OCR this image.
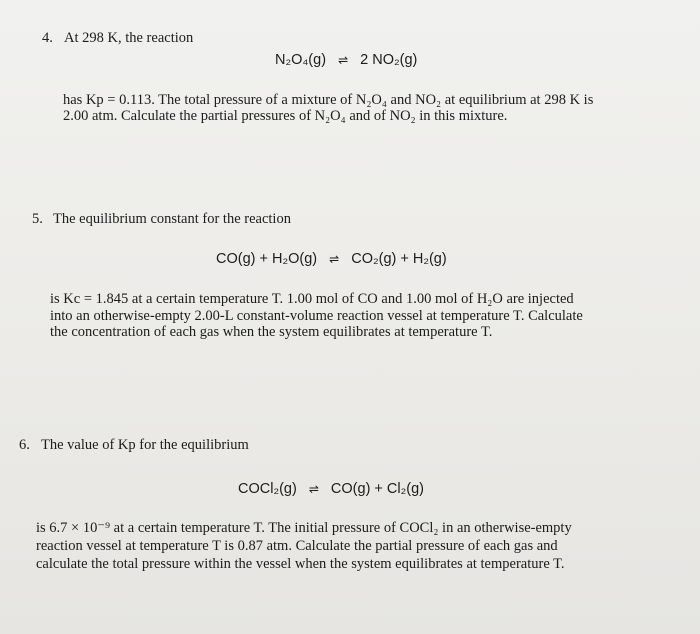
4. At 298 K, the reaction
N₂O₄(g) ⇌ 2 NO₂(g)
has Kp = 0.113. The total pressure of a mixture of N₂O₄ and NO₂ at equilibrium at 298 K is
2.00 atm. Calculate the partial pressures of N₂O₄ and of NO₂ in this mixture.
5. The equilibrium constant for the reaction
CO(g) + H₂O(g) ⇌ CO₂(g) + H₂(g)
is Kc = 1.845 at a certain temperature T. 1.00 mol of CO and 1.00 mol of H₂O are injected
into an otherwise-empty 2.00-L constant-volume reaction vessel at temperature T. Calculate
the concentration of each gas when the system equilibrates at temperature T.
6. The value of Kp for the equilibrium
COCl₂(g) ⇌ CO(g) + Cl₂(g)
is 6.7 × 10⁻⁹ at a certain temperature T. The initial pressure of COCl₂ in an otherwise-empty
reaction vessel at temperature T is 0.87 atm. Calculate the partial pressure of each gas and
calculate the total pressure within the vessel when the system equilibrates at temperature T.
